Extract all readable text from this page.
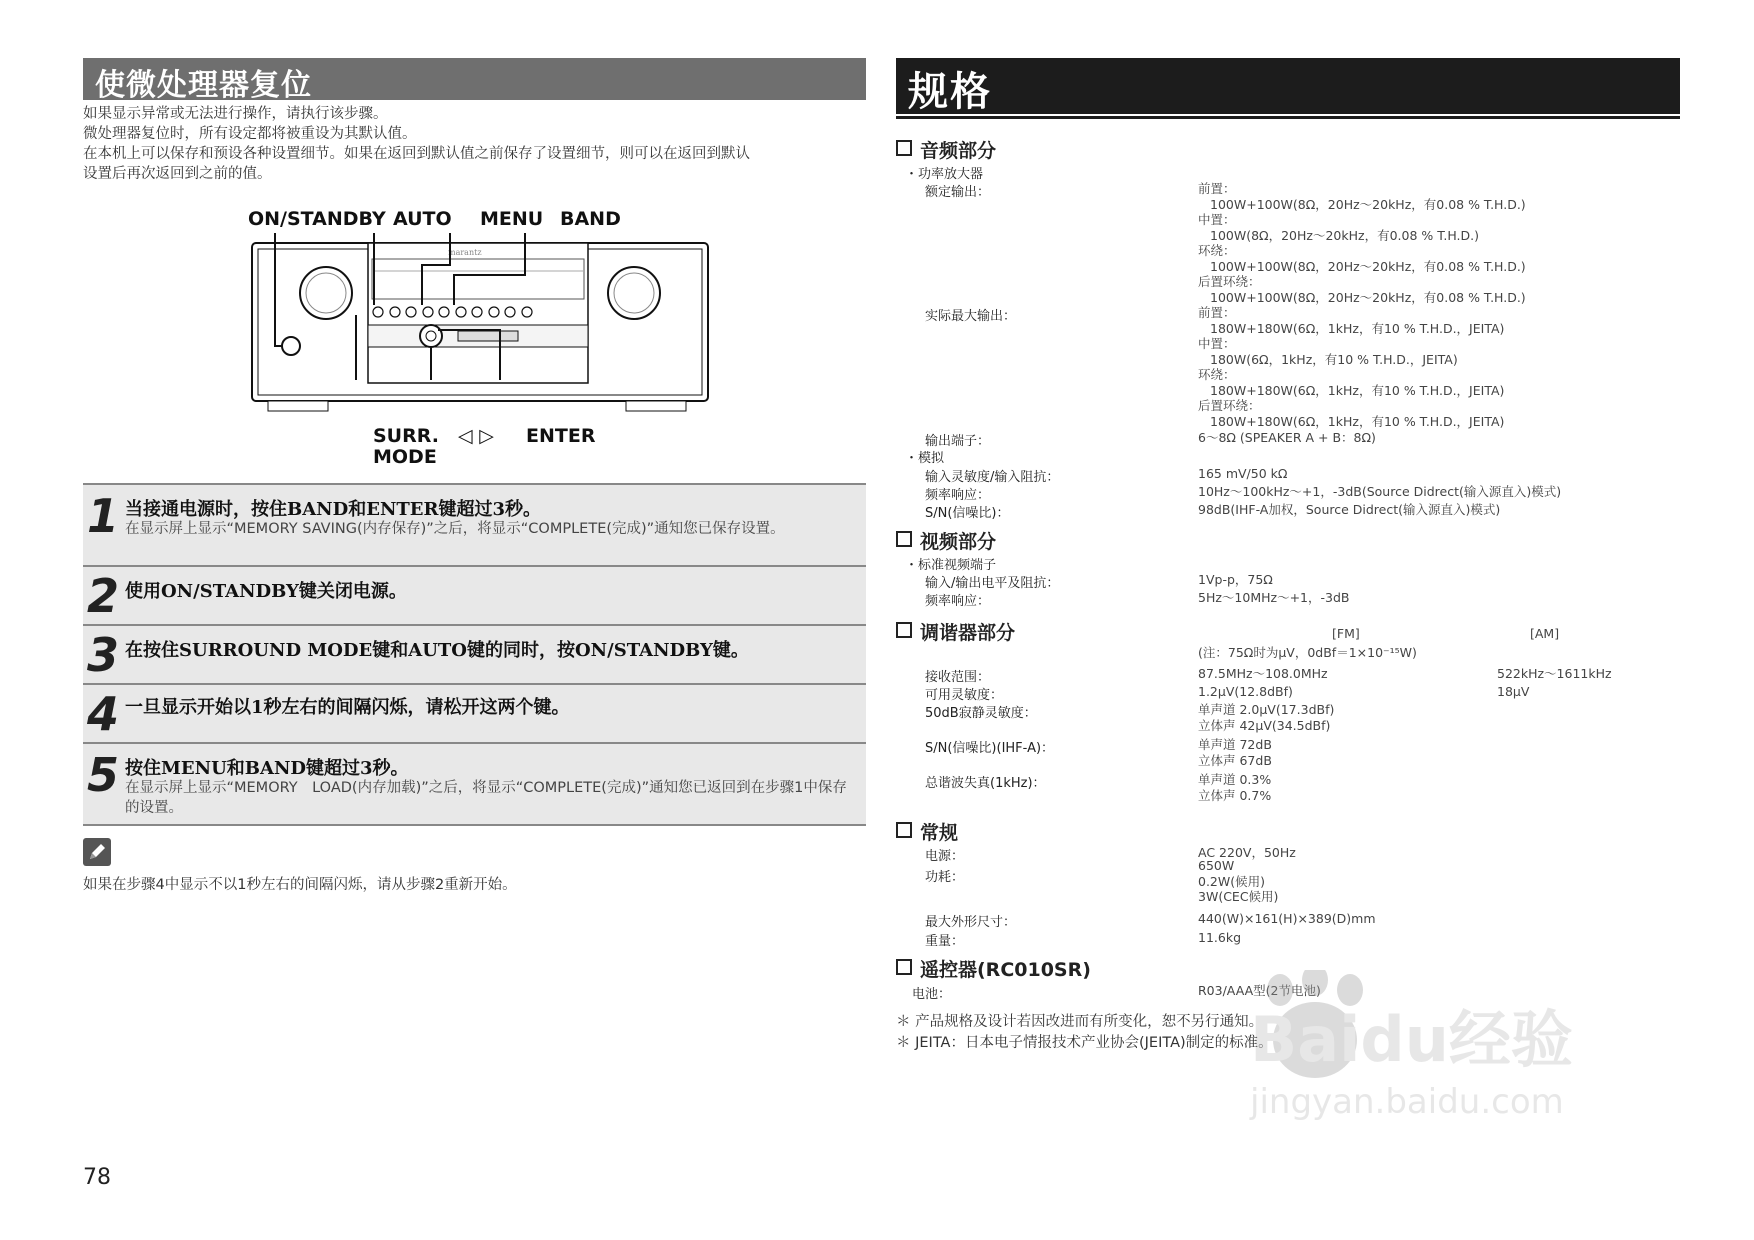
使微处理器复位
如果显示异常或无法进行操作，请执行该步骤。
微处理器复位时，所有设定都将被重设为其默认值。
在本机上可以保存和预设各种设置细节。如果在返回到默认值之前保存了设置细节，则可以在返回到默认
设置后再次返回到之前的值。
ON/STANDBY AUTO MENU BAND
SURR.
MODE
◁ ▷ ENTER
marantz
1 当接通电源时，按住BAND和ENTER键超过3秒。
在显示屏上显示“MEMORY SAVING(内存保存)”之后，将显示“COMPLETE(完成)”通知您已保存设置。
2 使用ON/STANDBY键关闭电源。
3 在按住SURROUND MODE键和AUTO键的同时，按ON/STANDBY键。
4 一旦显示开始以1秒左右的间隔闪烁，请松开这两个键。
5 按住MENU和BAND键超过3秒。
在显示屏上显示“MEMORY　LOAD(内存加载)”之后，将显示“COMPLETE(完成)”通知您已返回到在步骤1中保存的设置。
如果在步骤4中显示不以1秒左右的间隔闪烁，请从步骤2重新开始。
78
规格
音频部分
・功率放大器
额定输出：	前置：
100W+100W(8Ω，20Hz～20kHz，有0.08 % T.H.D.)
中置：
100W(8Ω，20Hz～20kHz，有0.08 % T.H.D.)
环绕：
100W+100W(8Ω，20Hz～20kHz，有0.08 % T.H.D.)
后置环绕：
100W+100W(8Ω，20Hz～20kHz，有0.08 % T.H.D.)
实际最大输出：	前置：
180W+180W(6Ω，1kHz，有10 % T.H.D.，JEITA)
中置：
180W(6Ω，1kHz，有10 % T.H.D.，JEITA)
环绕：
180W+180W(6Ω，1kHz，有10 % T.H.D.，JEITA)
后置环绕：
180W+180W(6Ω，1kHz，有10 % T.H.D.，JEITA)
输出端子：	6～8Ω (SPEAKER A + B：8Ω)
・模拟
输入灵敏度/输入阻抗：	165 mV/50 kΩ
频率响应：	10Hz～100kHz～+1，-3dB(Source Didrect(输入源直入)模式)
S/N(信噪比)：	98dB(IHF-A加权，Source Didrect(输入源直入)模式)
视频部分
・标准视频端子
输入/输出电平及阻抗：	1Vp-p，75Ω
频率响应：	5Hz～10MHz～+1，-3dB
调谐器部分	[FM]	[AM]
(注：75Ω时为μV，0dBf＝1×10⁻¹⁵W)
接收范围：	87.5MHz～108.0MHz	522kHz～1611kHz
可用灵敏度：	1.2μV(12.8dBf)	18μV
50dB寂静灵敏度：	单声道 2.0μV(17.3dBf)
立体声 42μV(34.5dBf)
S/N(信噪比)(IHF-A)：	单声道 72dB
立体声 67dB
总谐波失真(1kHz)：	单声道 0.3%
立体声 0.7%
常规
电源：	AC 220V，50Hz
功耗：
650W
0.2W(候用)
3W(CEC候用)
最大外形尺寸：	440(W)×161(H)×389(D)mm
重量：	11.6kg
遥控器(RC010SR)
电池：	R03/AAA型(2节电池)
＊ 产品规格及设计若因改进而有所变化，恕不另行通知。
＊ JEITA：日本电子情报技术产业协会(JEITA)制定的标准。
Baidu经验
jingyan.baidu.com
